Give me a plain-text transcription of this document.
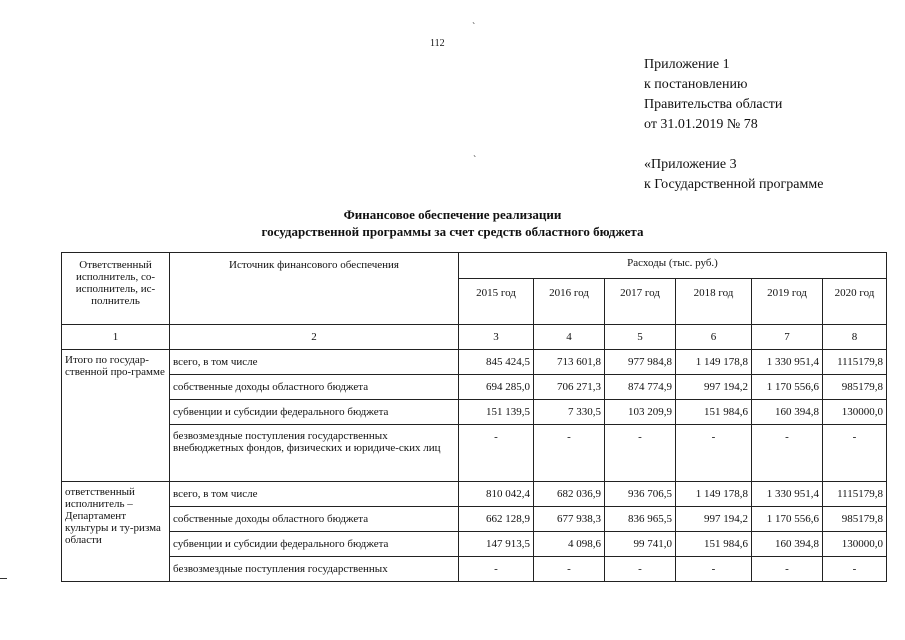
112
`
`
Приложение 1
к постановлению
Правительства области
от 31.01.2019 № 78
«Приложение 3
к Государственной программе
Финансовое обеспечение реализации
государственной программы за счет средств областного бюджета
Ответственный исполнитель, со-исполнитель, ис-полнитель	Источник финансового обеспечения	Расходы (тыс. руб.)					
		2015 год	2016 год	2017 год	2018 год	2019 год	2020 год
1	2	3	4	5	6	7	8
Итого по государ-ственной про-грамме	всего, в том числе	845 424,5	713 601,8	977 984,8	1 149 178,8	1 330 951,4	1115179,8
	собственные доходы областного бюджета	694 285,0	706 271,3	874 774,9	997 194,2	1 170 556,6	985179,8
	субвенции и субсидии федерального бюджета	151 139,5	7 330,5	103 209,9	151 984,6	160 394,8	130000,0
	безвозмездные поступления государственных внебюджетных фондов, физических и юридиче-ских лиц	-	-	-	-	-	-
ответственный исполнитель – Департамент культуры и ту-ризма области	всего, в том числе	810 042,4	682 036,9	936 706,5	1 149 178,8	1 330 951,4	1115179,8
	собственные доходы областного бюджета	662 128,9	677 938,3	836 965,5	997 194,2	1 170 556,6	985179,8
	субвенции и субсидии федерального бюджета	147 913,5	4 098,6	99 741,0	151 984,6	160 394,8	130000,0
	безвозмездные поступления государственных	-	-	-	-	-	-
